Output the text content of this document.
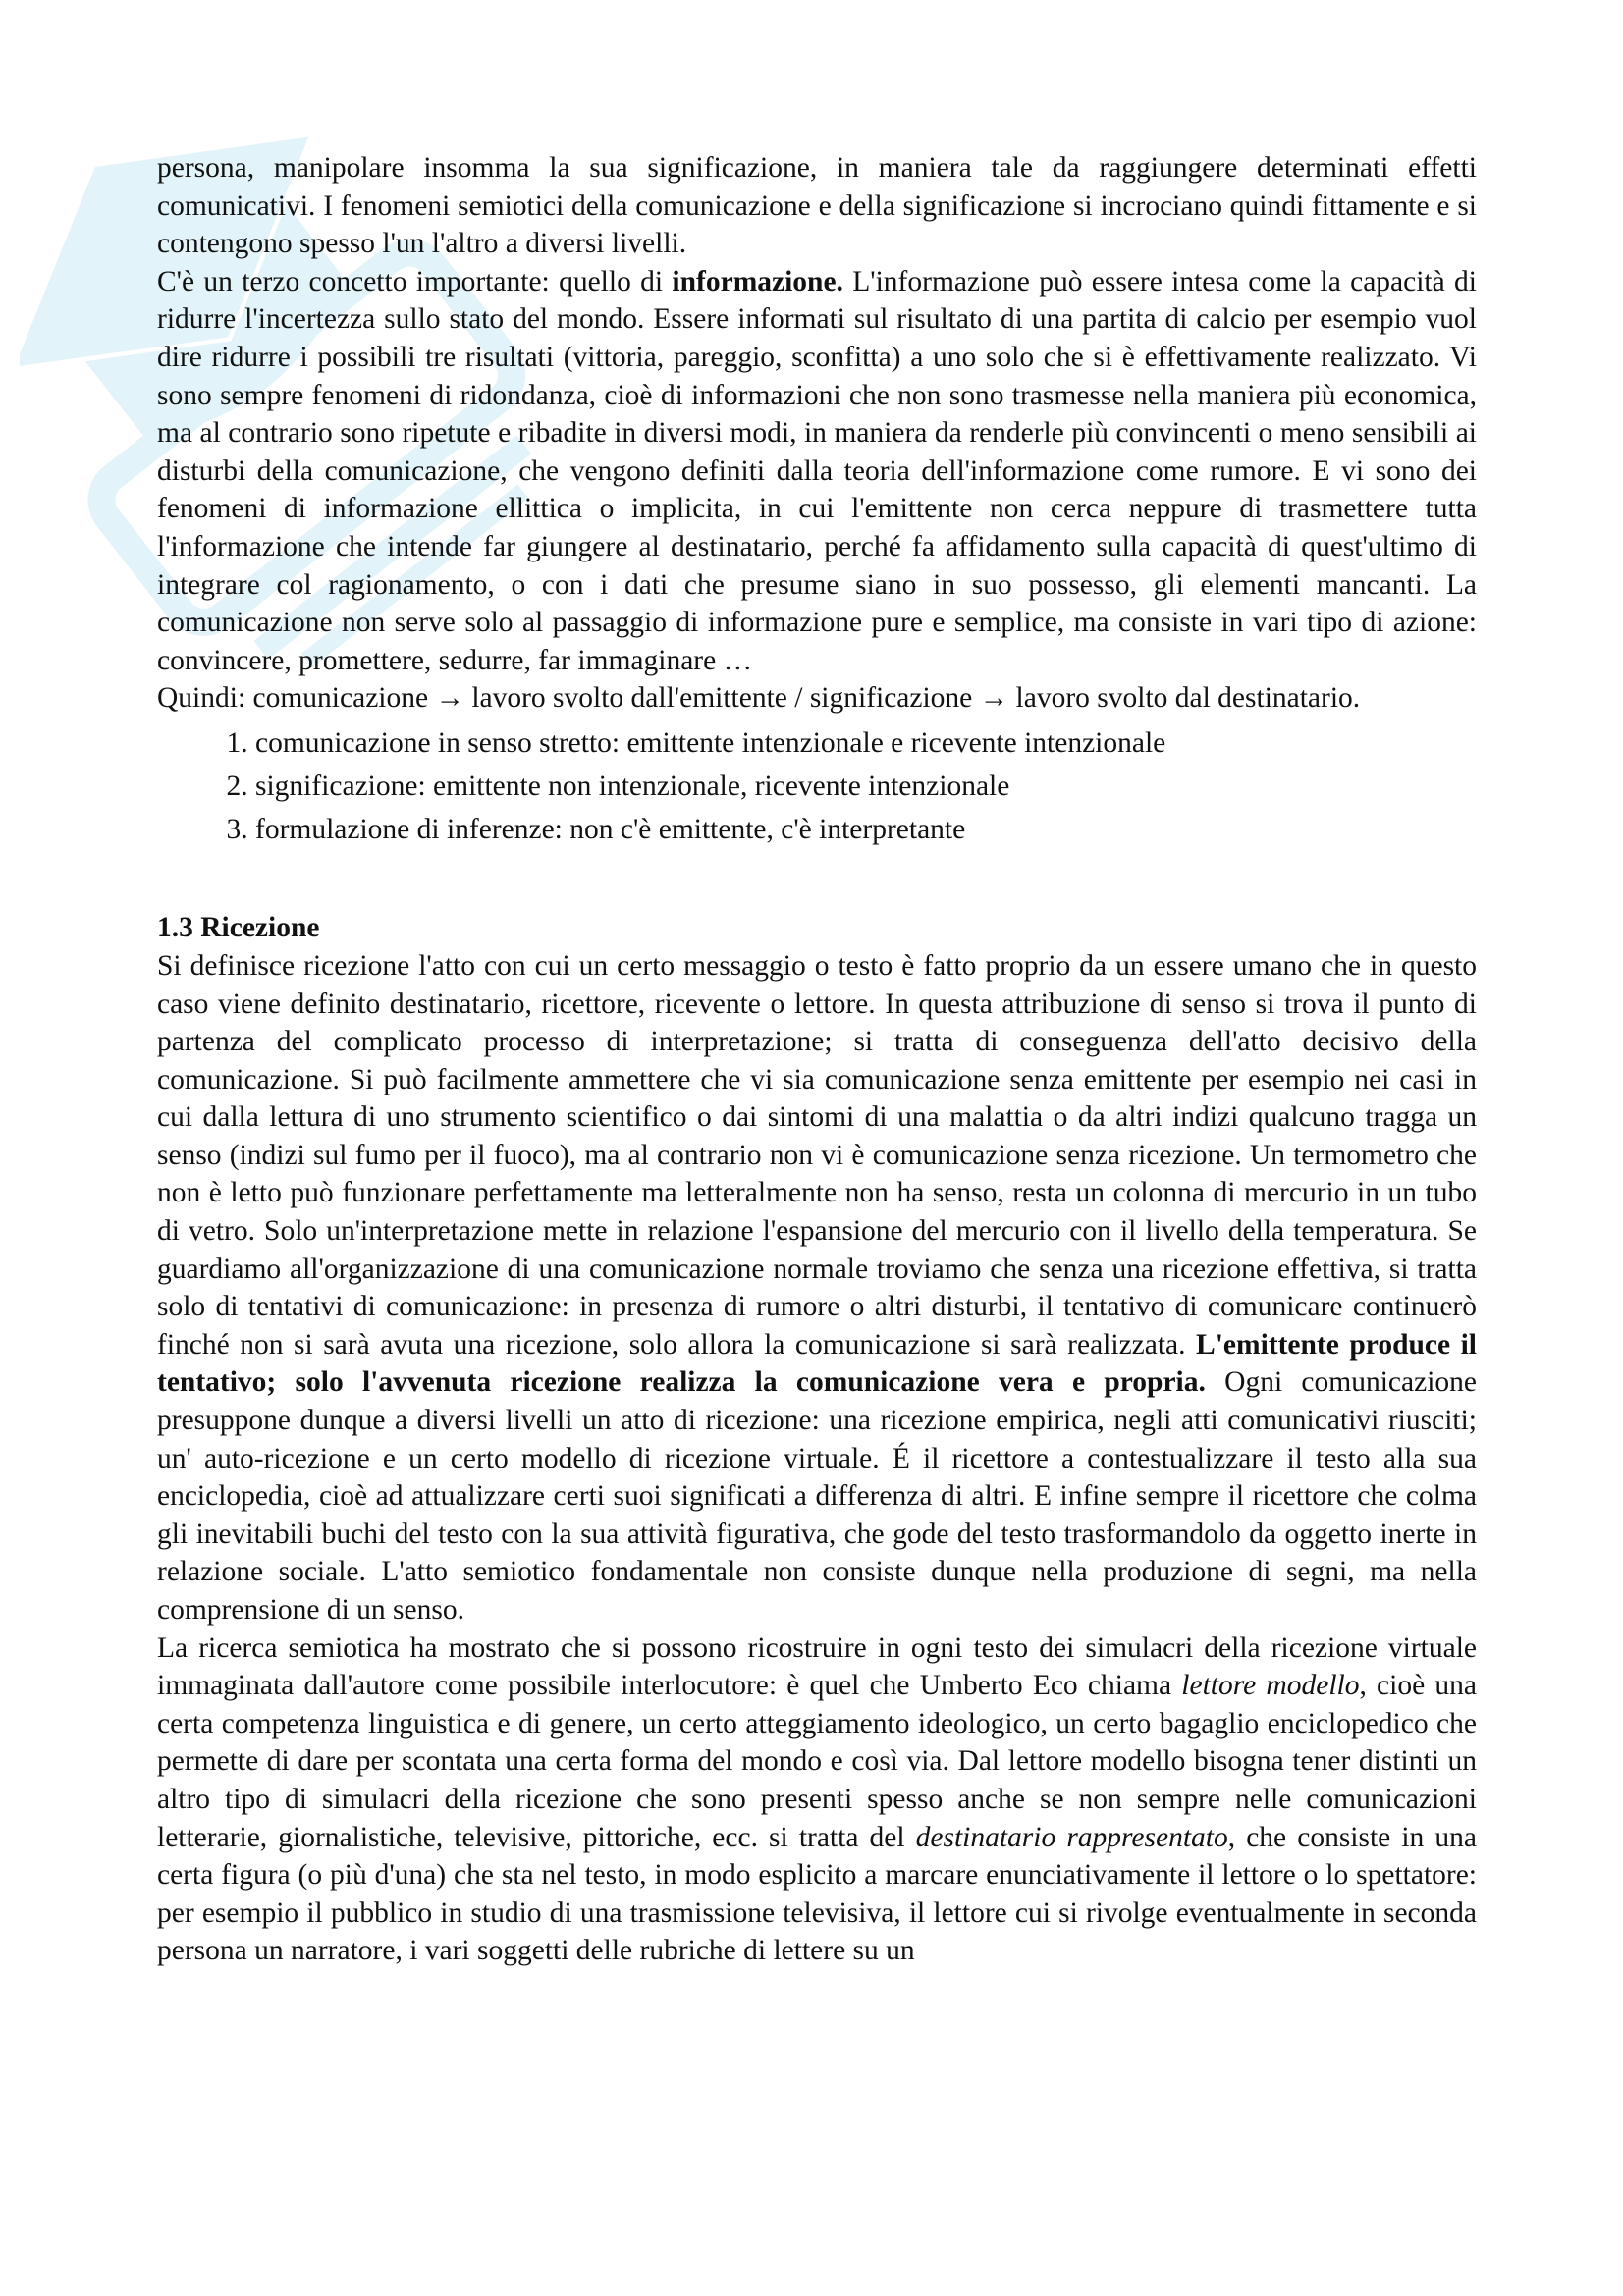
persona, manipolare insomma la sua significazione, in maniera tale da raggiungere determinati effetti comunicativi. I fenomeni semiotici della comunicazione e della significazione si incrociano quindi fittamente e si contengono spesso l'un l'altro a diversi livelli.

C'è un terzo concetto importante: quello di informazione. L'informazione può essere intesa come la capacità di ridurre l'incertezza sullo stato del mondo. Essere informati sul risultato di una partita di calcio per esempio vuol dire ridurre i possibili tre risultati (vittoria, pareggio, sconfitta) a uno solo che si è effettivamente realizzato. Vi sono sempre fenomeni di ridondanza, cioè di informazioni che non sono trasmesse nella maniera più economica, ma al contrario sono ripetute e ribadite in diversi modi, in maniera da renderle più convincenti o meno sensibili ai disturbi della comunicazione, che vengono definiti dalla teoria dell'informazione come rumore. E vi sono dei fenomeni di informazione ellittica o implicita, in cui l'emittente non cerca neppure di trasmettere tutta l'informazione che intende far giungere al destinatario, perché fa affidamento sulla capacità di quest'ultimo di integrare col ragionamento, o con i dati che presume siano in suo possesso, gli elementi mancanti. La comunicazione non serve solo al passaggio di informazione pure e semplice, ma consiste in vari tipo di azione: convincere, promettere, sedurre, far immaginare …

Quindi: comunicazione → lavoro svolto dall'emittente / significazione → lavoro svolto dal destinatario.

1. comunicazione in senso stretto: emittente intenzionale e ricevente intenzionale
2. significazione: emittente non intenzionale, ricevente intenzionale
3. formulazione di inferenze: non c'è emittente, c'è interpretante
1.3 Ricezione

Si definisce ricezione l'atto con cui un certo messaggio o testo è fatto proprio da un essere umano che in questo caso viene definito destinatario, ricettore, ricevente o lettore. In questa attribuzione di senso si trova il punto di partenza del complicato processo di interpretazione; si tratta di conseguenza dell'atto decisivo della comunicazione. Si può facilmente ammettere che vi sia comunicazione senza emittente per esempio nei casi in cui dalla lettura di uno strumento scientifico o dai sintomi di una malattia o da altri indizi qualcuno tragga un senso (indizi sul fumo per il fuoco), ma al contrario non vi è comunicazione senza ricezione. Un termometro che non è letto può funzionare perfettamente ma letteralmente non ha senso, resta un colonna di mercurio in un tubo di vetro. Solo un'interpretazione mette in relazione l'espansione del mercurio con il livello della temperatura. Se guardiamo all'organizzazione di una comunicazione normale troviamo che senza una ricezione effettiva, si tratta solo di tentativi di comunicazione: in presenza di rumore o altri disturbi, il tentativo di comunicare continuerò finché non si sarà avuta una ricezione, solo allora la comunicazione si sarà realizzata. L'emittente produce il tentativo; solo l'avvenuta ricezione realizza la comunicazione vera e propria. Ogni comunicazione presuppone dunque a diversi livelli un atto di ricezione: una ricezione empirica, negli atti comunicativi riusciti; un' auto-ricezione e un certo modello di ricezione virtuale. É il ricettore a contestualizzare il testo alla sua enciclopedia, cioè ad attualizzare certi suoi significati a differenza di altri. E infine sempre il ricettore che colma gli inevitabili buchi del testo con la sua attività figurativa, che gode del testo trasformandolo da oggetto inerte in relazione sociale. L'atto semiotico fondamentale non consiste dunque nella produzione di segni, ma nella comprensione di un senso.

La ricerca semiotica ha mostrato che si possono ricostruire in ogni testo dei simulacri della ricezione virtuale immaginata dall'autore come possibile interlocutore: è quel che Umberto Eco chiama lettore modello, cioè una certa competenza linguistica e di genere, un certo atteggiamento ideologico, un certo bagaglio enciclopedico che permette di dare per scontata una certa forma del mondo e così via. Dal lettore modello bisogna tener distinti un altro tipo di simulacri della ricezione che sono presenti spesso anche se non sempre nelle comunicazioni letterarie, giornalistiche, televisive, pittoriche, ecc. si tratta del destinatario rappresentato, che consiste in una certa figura (o più d'una) che sta nel testo, in modo esplicito a marcare enunciativamente il lettore o lo spettatore: per esempio il pubblico in studio di una trasmissione televisiva, il lettore cui si rivolge eventualmente in seconda persona un narratore, i vari soggetti delle rubriche di lettere su un
